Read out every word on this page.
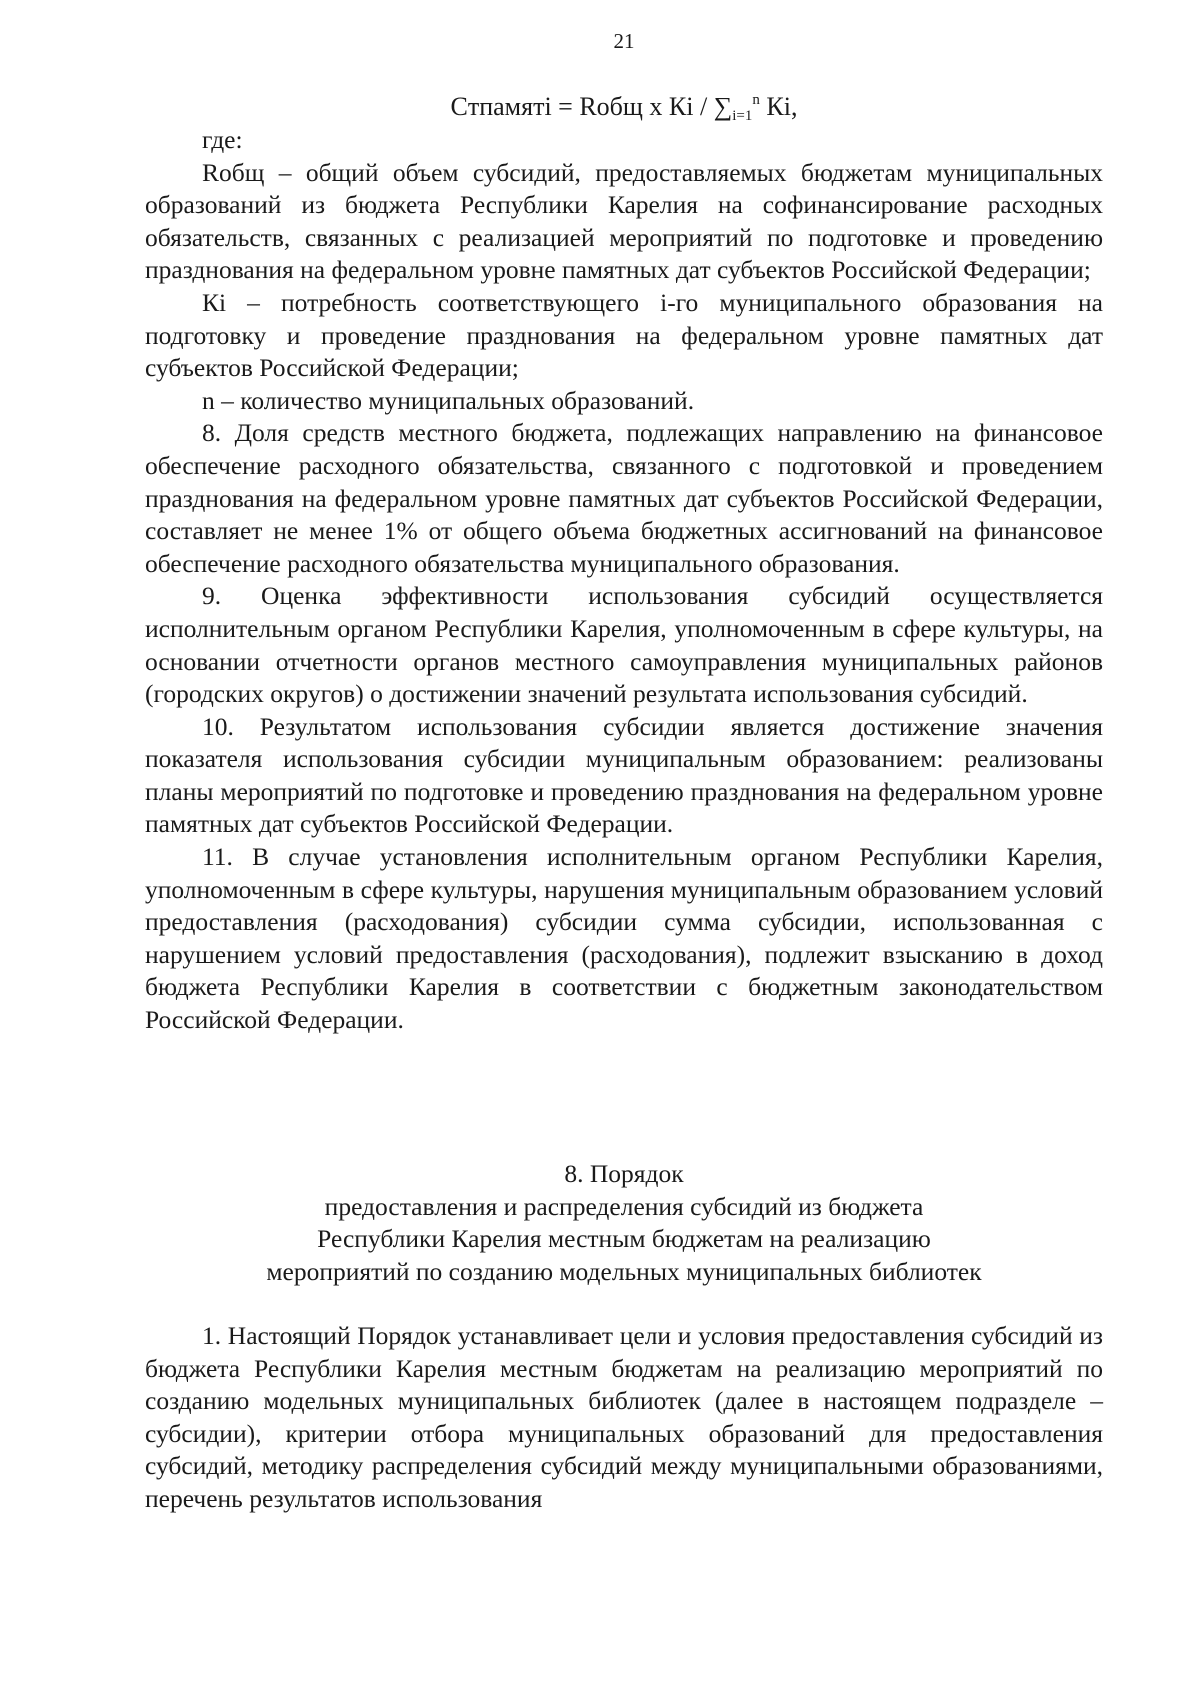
21
Cтпамятi = Rобщ x Кi / $\sum_{i=1}^n$ Кi,

где:

Rобщ – общий объем субсидий, предоставляемых бюджетам муниципальных образований из бюджета Республики Карелия на софинансирование расходных обязательств, связанных с реализацией мероприятий по подготовке и проведению празднования на федеральном уровне памятных дат субъектов Российской Федерации;

Кi – потребность соответствующего i-го муниципального образования на подготовку и проведение празднования на федеральном уровне памятных дат субъектов Российской Федерации;

n – количество муниципальных образований.

8. Доля средств местного бюджета, подлежащих направлению на финансовое обеспечение расходного обязательства, связанного с подготовкой и проведением празднования на федеральном уровне памятных дат субъектов Российской Федерации, составляет не менее 1% от общего объема бюджетных ассигнований на финансовое обеспечение расходного обязательства муниципального образования.

9. Оценка эффективности использования субсидий осуществляется исполнительным органом Республики Карелия, уполномоченным в сфере культуры, на основании отчетности органов местного самоуправления муниципальных районов (городских округов) о достижении значений результата использования субсидий.

10. Результатом использования субсидии является достижение значения показателя использования субсидии муниципальным образованием: реализованы планы мероприятий по подготовке и проведению празднования на федеральном уровне памятных дат субъектов Российской Федерации.

11. В случае установления исполнительным органом Республики Карелия, уполномоченным в сфере культуры, нарушения муниципальным образованием условий предоставления (расходования) субсидии сумма субсидии, использованная с нарушением условий предоставления (расходования), подлежит взысканию в доход бюджета Республики Карелия в соответствии с бюджетным законодательством Российской Федерации.

8. Порядок
предоставления и распределения субсидий из бюджета
Республики Карелия местным бюджетам на реализацию
мероприятий по созданию модельных муниципальных библиотек

1. Настоящий Порядок устанавливает цели и условия предоставления субсидий из бюджета Республики Карелия местным бюджетам на реализацию мероприятий по созданию модельных муниципальных библиотек (далее в настоящем подразделе – субсидии), критерии отбора муниципальных образований для предоставления субсидий, методику распределения субсидий между муниципальными образованиями, перечень результатов использования
